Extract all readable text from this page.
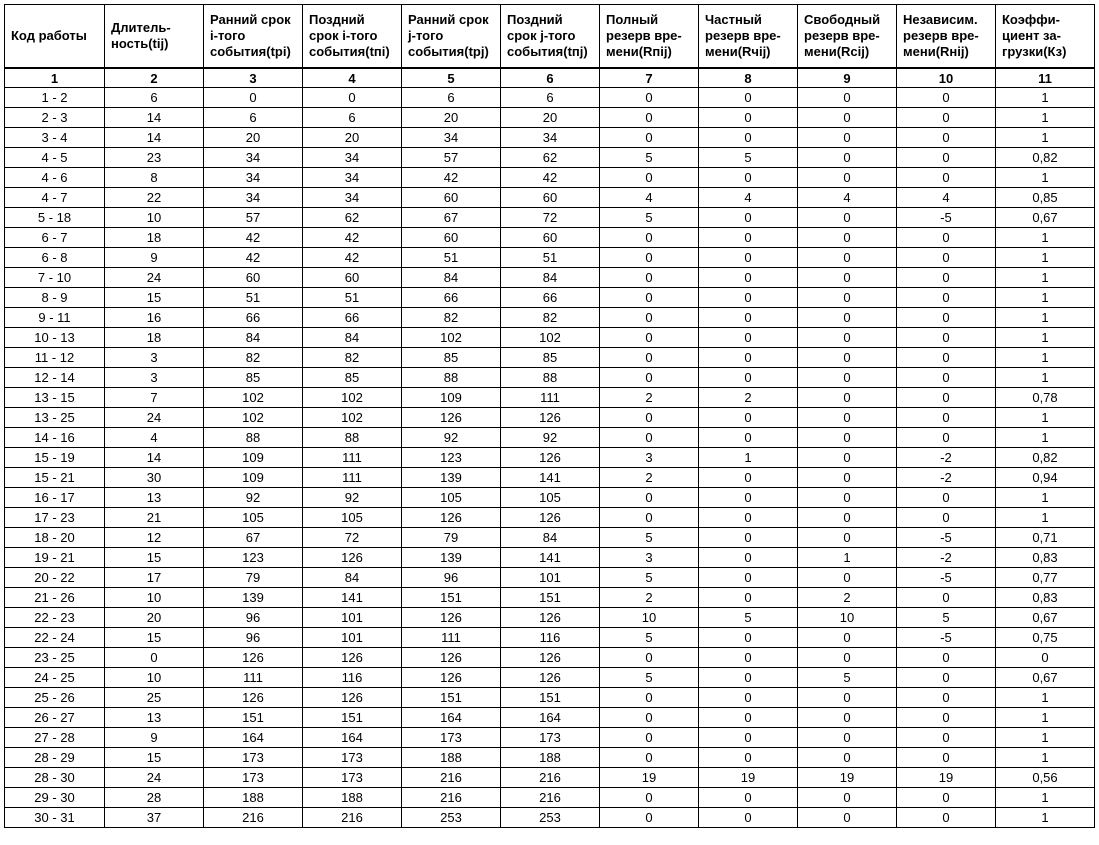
Код работы	Длитель-ность(tij)	Ранний срок i-того события(tpi)	Поздний срок i-того события(tпi)	Ранний срок j-того события(tpj)	Поздний срок j-того события(tпj)	Полный резерв вре-мени(Rпij)	Частный резерв вре-мени(Rчij)	Свободный резерв вре-мени(Rcij)	Независим. резерв вре-мени(Rнij)	Коэффи-циент за-грузки(Кз)
1	2	3	4	5	6	7	8	9	10	11
1 - 2	6	0	0	6	6	0	0	0	0	1
2 - 3	14	6	6	20	20	0	0	0	0	1
3 - 4	14	20	20	34	34	0	0	0	0	1
4 - 5	23	34	34	57	62	5	5	0	0	0,82
4 - 6	8	34	34	42	42	0	0	0	0	1
4 - 7	22	34	34	60	60	4	4	4	4	0,85
5 - 18	10	57	62	67	72	5	0	0	-5	0,67
6 - 7	18	42	42	60	60	0	0	0	0	1
6 - 8	9	42	42	51	51	0	0	0	0	1
7 - 10	24	60	60	84	84	0	0	0	0	1
8 - 9	15	51	51	66	66	0	0	0	0	1
9 - 11	16	66	66	82	82	0	0	0	0	1
10 - 13	18	84	84	102	102	0	0	0	0	1
11 - 12	3	82	82	85	85	0	0	0	0	1
12 - 14	3	85	85	88	88	0	0	0	0	1
13 - 15	7	102	102	109	111	2	2	0	0	0,78
13 - 25	24	102	102	126	126	0	0	0	0	1
14 - 16	4	88	88	92	92	0	0	0	0	1
15 - 19	14	109	111	123	126	3	1	0	-2	0,82
15 - 21	30	109	111	139	141	2	0	0	-2	0,94
16 - 17	13	92	92	105	105	0	0	0	0	1
17 - 23	21	105	105	126	126	0	0	0	0	1
18 - 20	12	67	72	79	84	5	0	0	-5	0,71
19 - 21	15	123	126	139	141	3	0	1	-2	0,83
20 - 22	17	79	84	96	101	5	0	0	-5	0,77
21 - 26	10	139	141	151	151	2	0	2	0	0,83
22 - 23	20	96	101	126	126	10	5	10	5	0,67
22 - 24	15	96	101	111	116	5	0	0	-5	0,75
23 - 25	0	126	126	126	126	0	0	0	0	0
24 - 25	10	111	116	126	126	5	0	5	0	0,67
25 - 26	25	126	126	151	151	0	0	0	0	1
26 - 27	13	151	151	164	164	0	0	0	0	1
27 - 28	9	164	164	173	173	0	0	0	0	1
28 - 29	15	173	173	188	188	0	0	0	0	1
28 - 30	24	173	173	216	216	19	19	19	19	0,56
29 - 30	28	188	188	216	216	0	0	0	0	1
30 - 31	37	216	216	253	253	0	0	0	0	1
